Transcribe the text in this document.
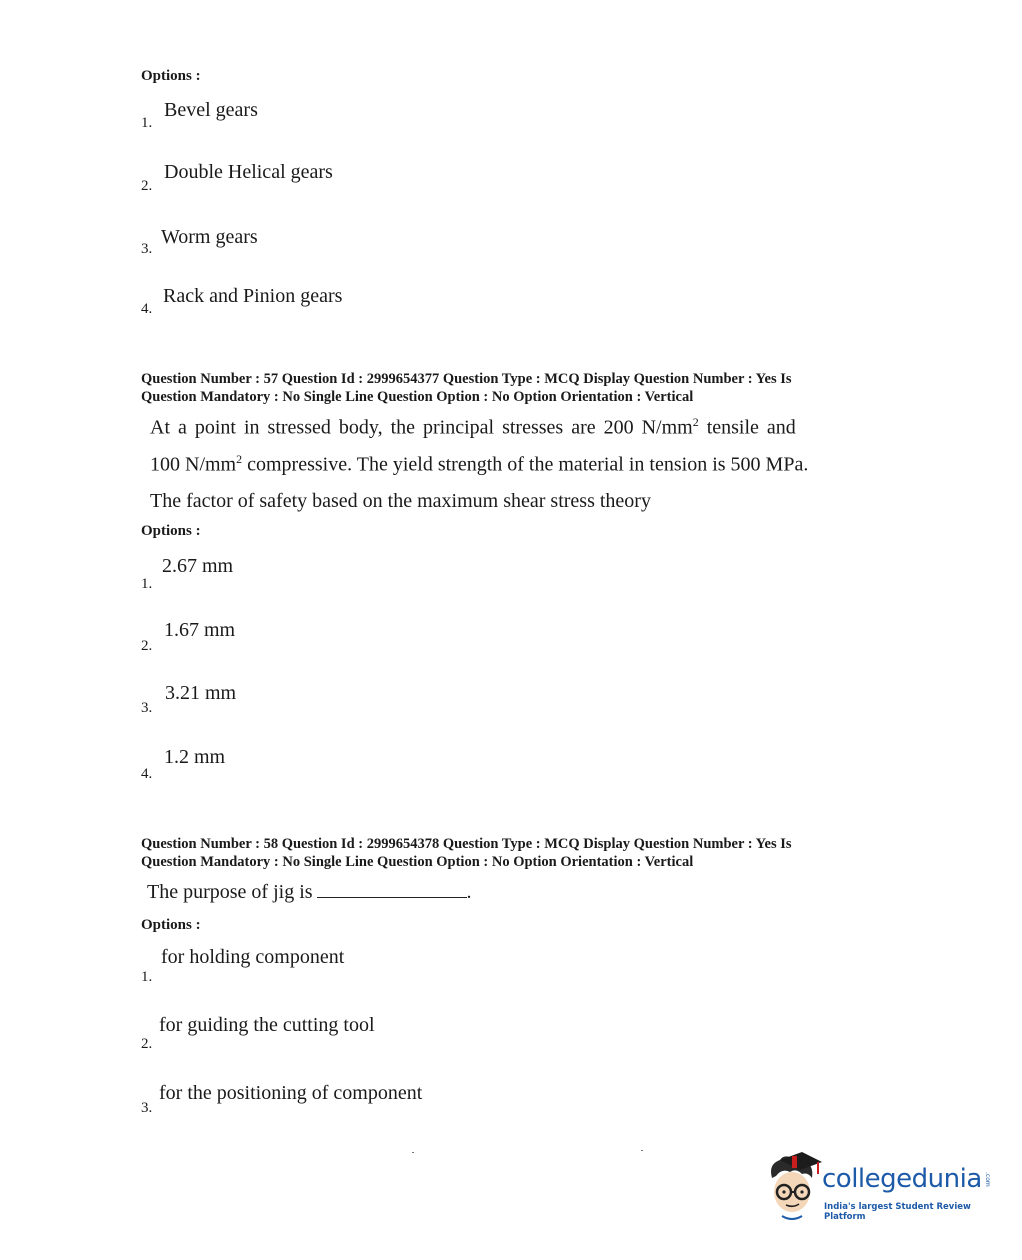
Options :
Bevel gears
1.
Double Helical gears
2.
Worm gears
3.
Rack and Pinion gears
4.
Question Number : 57 Question Id : 2999654377 Question Type : MCQ Display Question Number : Yes Is
Question Mandatory : No Single Line Question Option : No Option Orientation : Vertical
At a point in stressed body, the principal stresses are 200 $N/mm^2$ tensile and
100 $N/mm^2$ compressive. The yield strength of the material in tension is 500 MPa.
The factor of safety based on the maximum shear stress theory
Options :
2.67 mm
1.
1.67 mm
2.
3.21 mm
3.
1.2 mm
4.
Question Number : 58 Question Id : 2999654378 Question Type : MCQ Display Question Number : Yes Is
Question Mandatory : No Single Line Question Option : No Option Orientation : Vertical
The purpose of jig is	.
Options :
for holding component
1.
for guiding the cutting tool
2.
for the positioning of component
3.
collegedunia .com
India's largest Student Review Platform
